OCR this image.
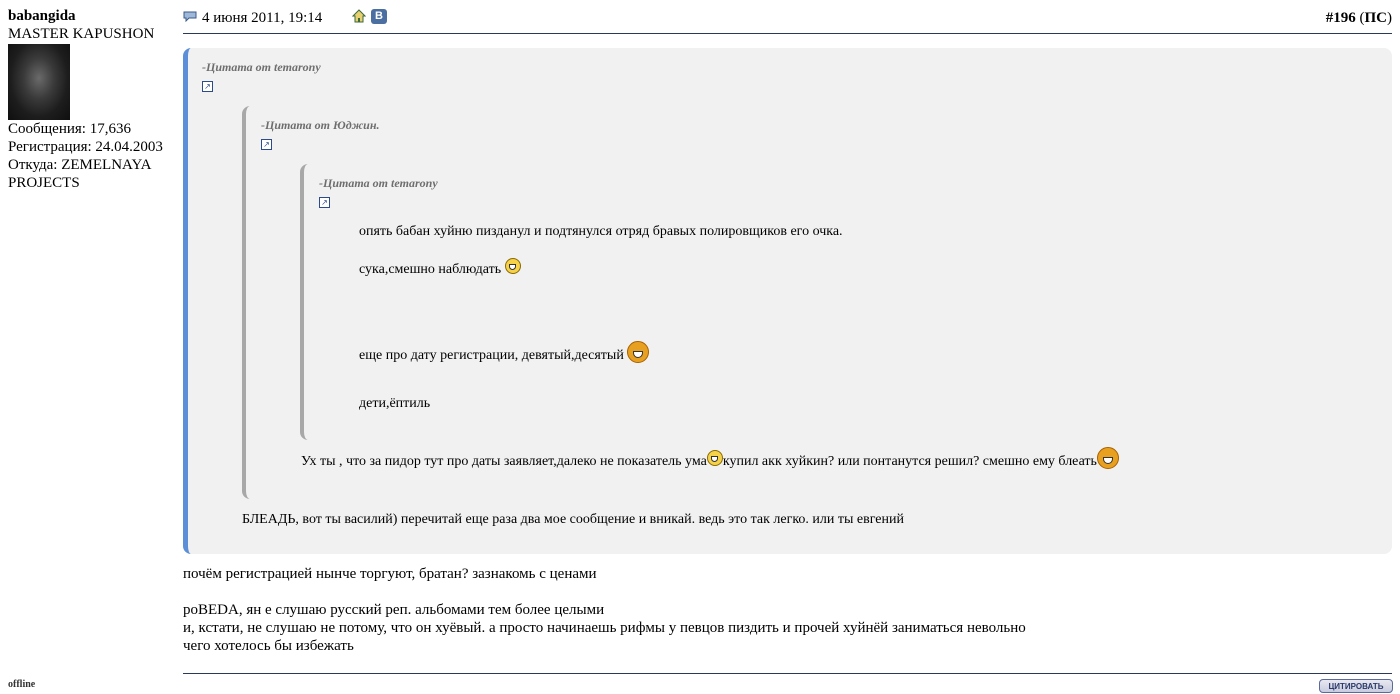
babangida
MASTER KAPUSHON
Сообщения: 17,636
Регистрация: 24.04.2003
Откуда: ZEMELNAYA
PROJECTS
offline
4 июня 2011, 19:14	В	#196 (ПС)
-Цитата от temarony
↗
-Цитата от Юджин.
↗
-Цитата от temarony
↗
опять бабан хуйню пизданул и подтянулся отряд бравых полировщиков его очка.
сука,смешно наблюдать
еще про дату регистрации, девятый,десятый
дети,ёптиль
Ух ты , что за пидор тут про даты заявляет,далеко не показатель ума купил акк хуйкин? или понтанутся решил? смешно ему блеать
БЛЕАДЬ, вот ты василий) перечитай еще раза два мое сообщение и вникай. ведь это так легко. или ты евгений

почём регистрацией нынче торгуют, братан? зазнакомь с ценами

роBEDA, ян е слушаю русский реп. альбомами тем более целыми

и, кстати, не слушаю не потому, что он хуёвый. а просто начинаешь рифмы у певцов пиздить и прочей хуйнёй заниматься невольно

чего хотелось бы избежать

ЦИТИРОВАТЬ
